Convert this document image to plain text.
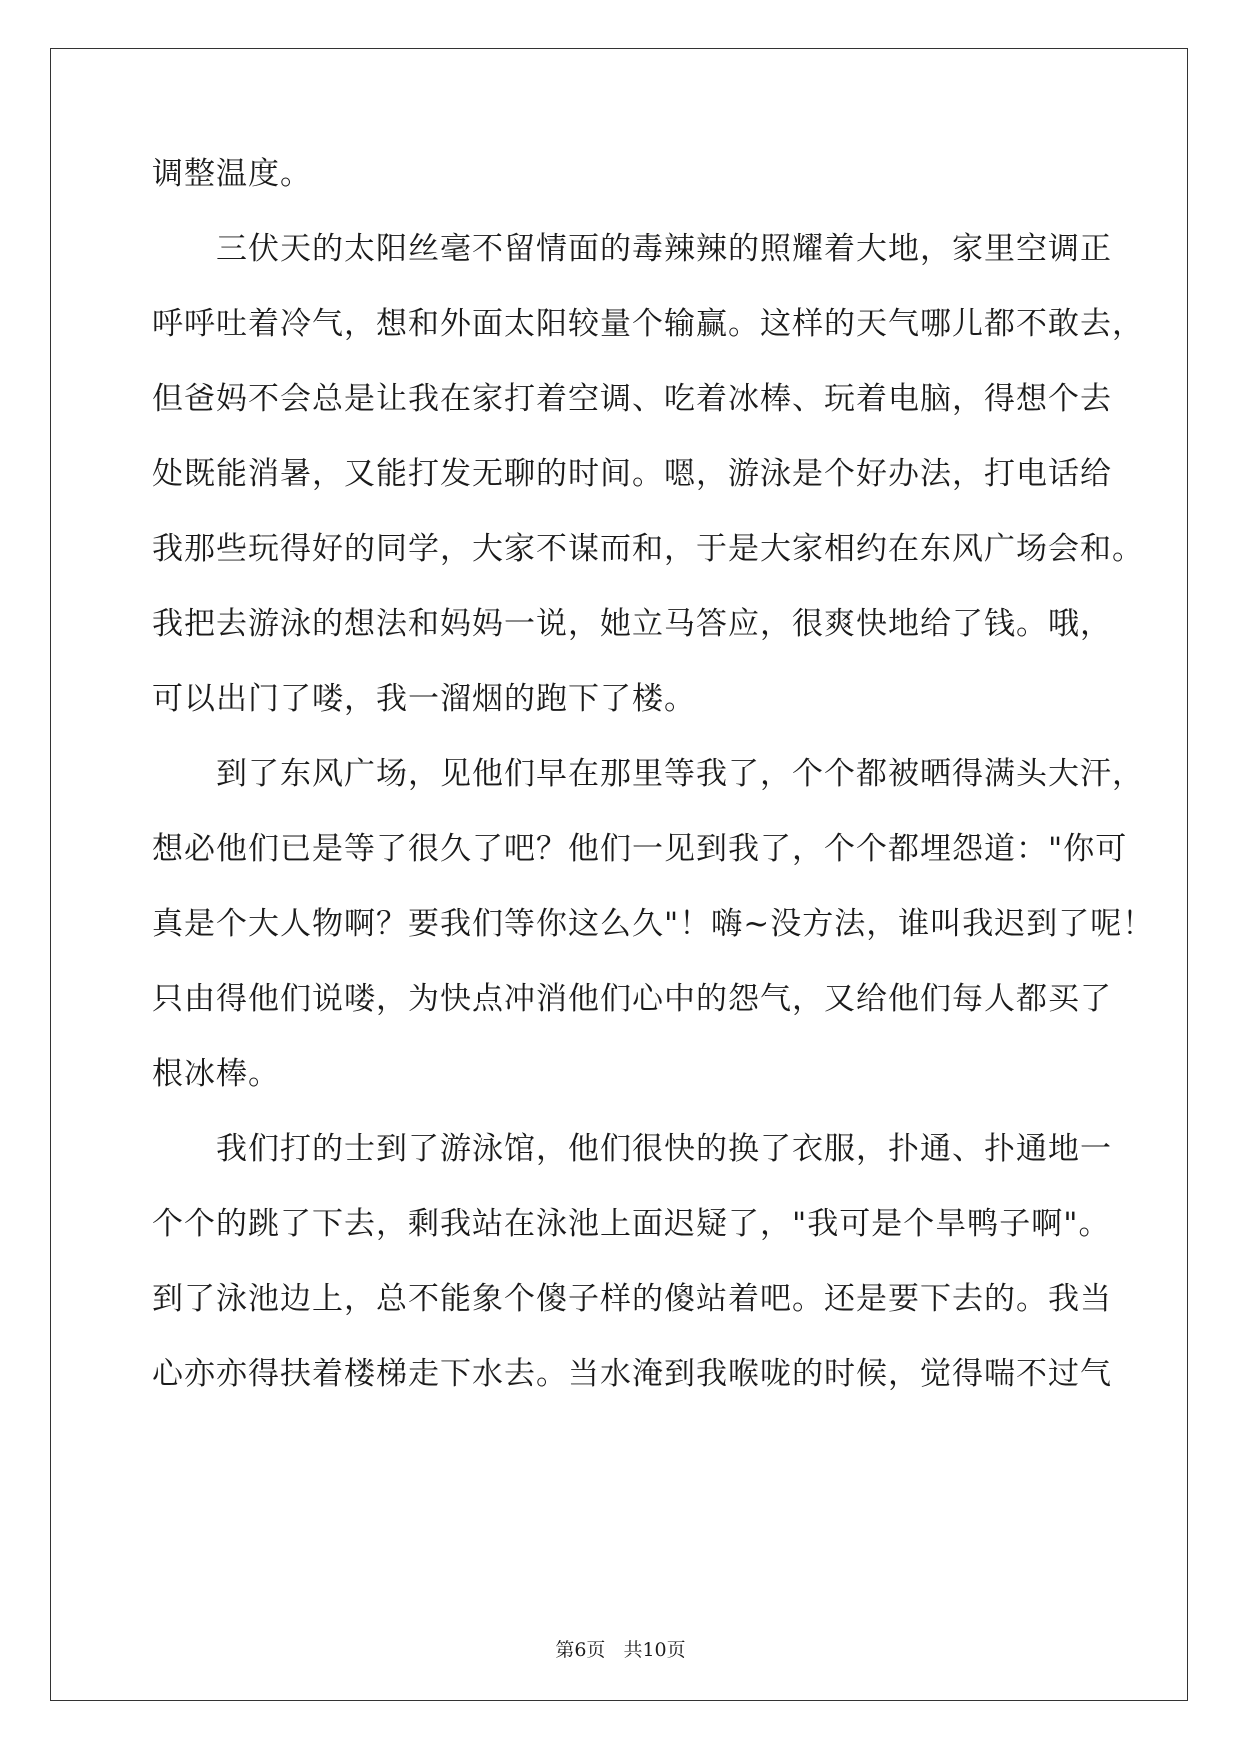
调整温度。
　　三伏天的太阳丝毫不留情面的毒辣辣的照耀着大地，家里空调正
呼呼吐着冷气，想和外面太阳较量个输赢。这样的天气哪儿都不敢去，
但爸妈不会总是让我在家打着空调、吃着冰棒、玩着电脑，得想个去
处既能消暑，又能打发无聊的时间。嗯，游泳是个好办法，打电话给
我那些玩得好的同学，大家不谋而和，于是大家相约在东风广场会和。
我把去游泳的想法和妈妈一说，她立马答应，很爽快地给了钱。哦，
可以出门了喽，我一溜烟的跑下了楼。
　　到了东风广场，见他们早在那里等我了，个个都被晒得满头大汗，
想必他们已是等了很久了吧？他们一见到我了，个个都埋怨道："你可
真是个大人物啊？要我们等你这么久"！嗨~没方法，谁叫我迟到了呢！
只由得他们说喽，为快点冲消他们心中的怨气，又给他们每人都买了
根冰棒。
　　我们打的士到了游泳馆，他们很快的换了衣服，扑通、扑通地一
个个的跳了下去，剩我站在泳池上面迟疑了，"我可是个旱鸭子啊"。
到了泳池边上，总不能象个傻子样的傻站着吧。还是要下去的。我当
心亦亦得扶着楼梯走下水去。当水淹到我喉咙的时候，觉得喘不过气
第6页 共10页
